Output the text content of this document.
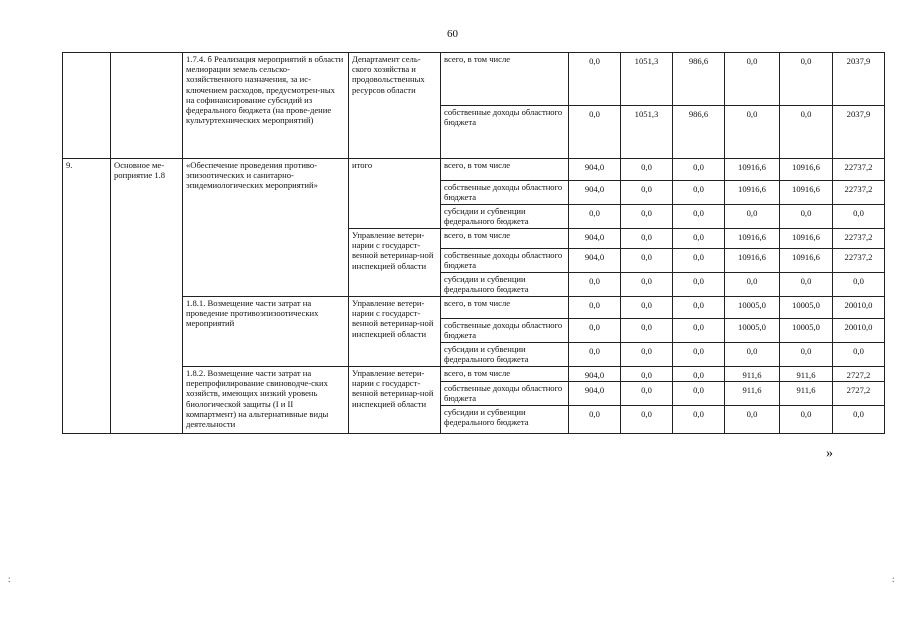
60
		1.7.4. б Реализация мероприятий в области мелиорации земель сельско-хозяйственного назначения, за ис-ключением расходов, предусмотрен-ных на софинансирование субсидий из федерального бюджета (на прове-дение культуртехнических мероприятий)	Департамент сель-ского хозяйства и продовольственных ресурсов области	всего, в том числе	0,0	1051,3	986,6	0,0	0,0	2037,9
				собственные доходы областного бюджета	0,0	1051,3	986,6	0,0	0,0	2037,9
9.	Основное ме-роприятие 1.8	«Обеспечение проведения противо-эпизоотических и санитарно-эпидемиологических мероприятий»	итого	всего, в том числе	904,0	0,0	0,0	10916,6	10916,6	22737,2
				собственные доходы областного бюджета	904,0	0,0	0,0	10916,6	10916,6	22737,2
				субсидии и субвенции федерального бюджета	0,0	0,0	0,0	0,0	0,0	0,0
			Управление ветери-нарии с государст-венной ветеринар-ной инспекцией области	всего, в том числе	904,0	0,0	0,0	10916,6	10916,6	22737,2
				собственные доходы областного бюджета	904,0	0,0	0,0	10916,6	10916,6	22737,2
				субсидии и субвенции федерального бюджета	0,0	0,0	0,0	0,0	0,0	0,0
		1.8.1. Возмещение части затрат на проведение противоэпизоотических мероприятий	Управление ветери-нарии с государст-венной ветеринар-ной инспекцией области	всего, в том числе	0,0	0,0	0,0	10005,0	10005,0	20010,0
				собственные доходы областного бюджета	0,0	0,0	0,0	10005,0	10005,0	20010,0
				субсидии и субвенции федерального бюджета	0,0	0,0	0,0	0,0	0,0	0,0
		1.8.2. Возмещение части затрат на перепрофилирование свиноводче-ских хозяйств, имеющих низкий уровень биологической защиты (I и II компартмент) на альтернативные виды деятельности	Управление ветери-нарии с государст-венной ветеринар-ной инспекцией области	всего, в том числе	904,0	0,0	0,0	911,6	911,6	2727,2
				собственные доходы областного бюджета	904,0	0,0	0,0	911,6	911,6	2727,2
				субсидии и субвенции федерального бюджета	0,0	0,0	0,0	0,0	0,0	0,0
»
:	:
